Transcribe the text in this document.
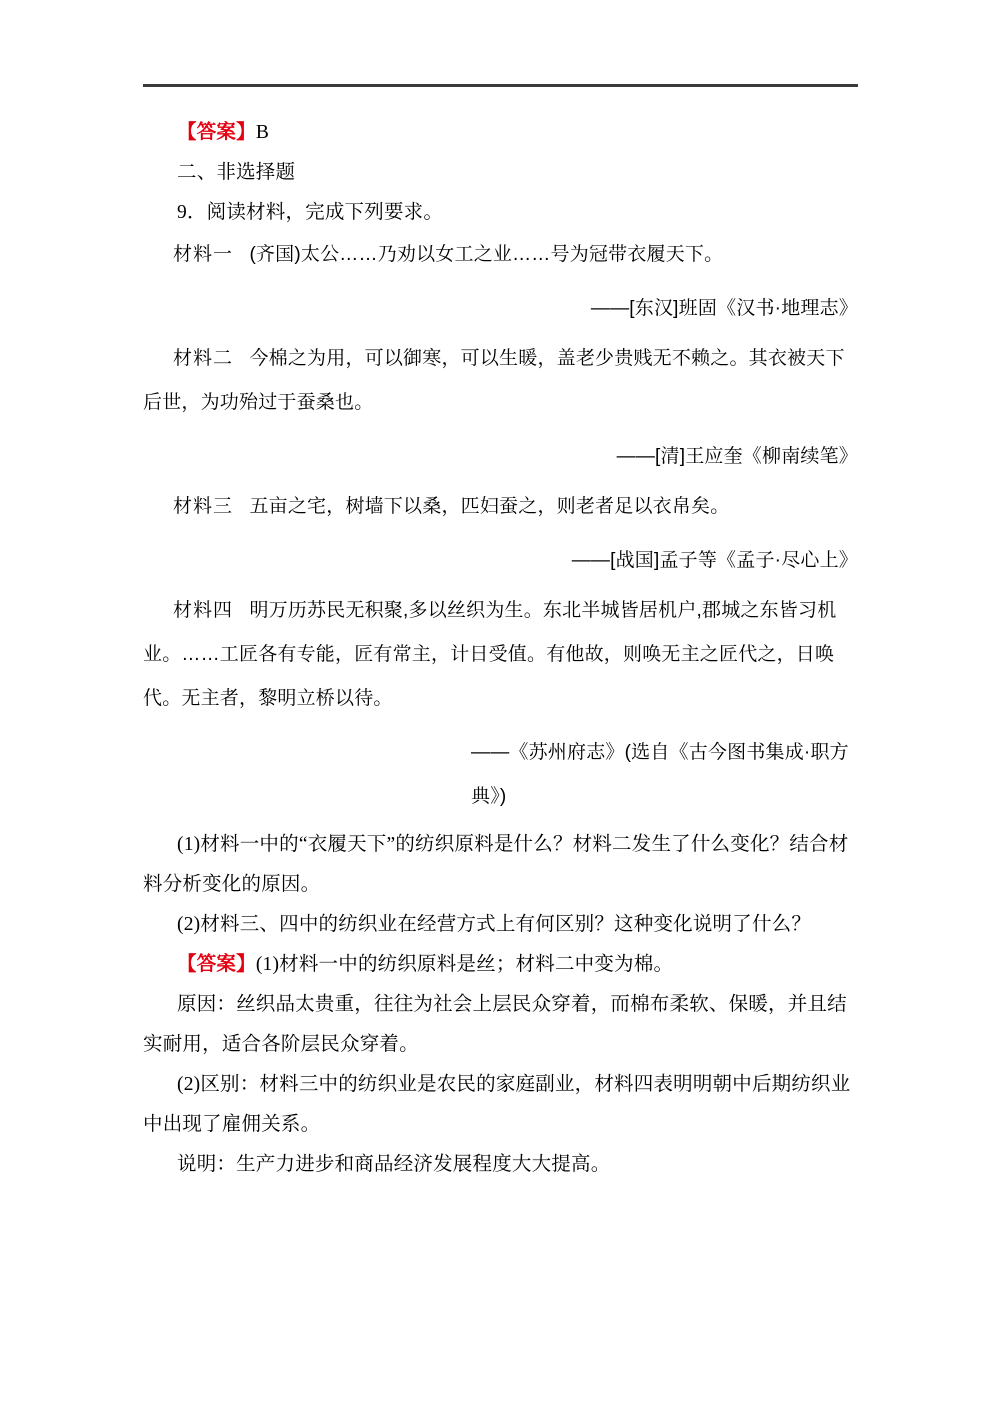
【答案】B

二、非选择题

9．阅读材料，完成下列要求。

材料一 (齐国)太公……乃劝以女工之业……号为冠带衣履天下。

——[东汉]班固《汉书·地理志》

材料二 今棉之为用，可以御寒，可以生暖，盖老少贵贱无不赖之。其衣被天下后世，为功殆过于蚕桑也。

——[清]王应奎《柳南续笔》

材料三 五亩之宅，树墙下以桑，匹妇蚕之，则老者足以衣帛矣。

——[战国]孟子等《孟子·尽心上》

材料四 明万历苏民无积聚,多以丝织为生。东北半城皆居机户,郡城之东皆习机业。……工匠各有专能，匠有常主，计日受值。有他故，则唤无主之匠代之，日唤代。无主者，黎明立桥以待。

——《苏州府志》(选自《古今图书集成·职方典》)

(1)材料一中的“衣履天下”的纺织原料是什么？材料二发生了什么变化？结合材料分析变化的原因。

(2)材料三、四中的纺织业在经营方式上有何区别？这种变化说明了什么？

【答案】(1)材料一中的纺织原料是丝；材料二中变为棉。

原因：丝织品太贵重，往往为社会上层民众穿着，而棉布柔软、保暖，并且结实耐用，适合各阶层民众穿着。

(2)区别：材料三中的纺织业是农民的家庭副业，材料四表明明朝中后期纺织业中出现了雇佣关系。

说明：生产力进步和商品经济发展程度大大提高。
